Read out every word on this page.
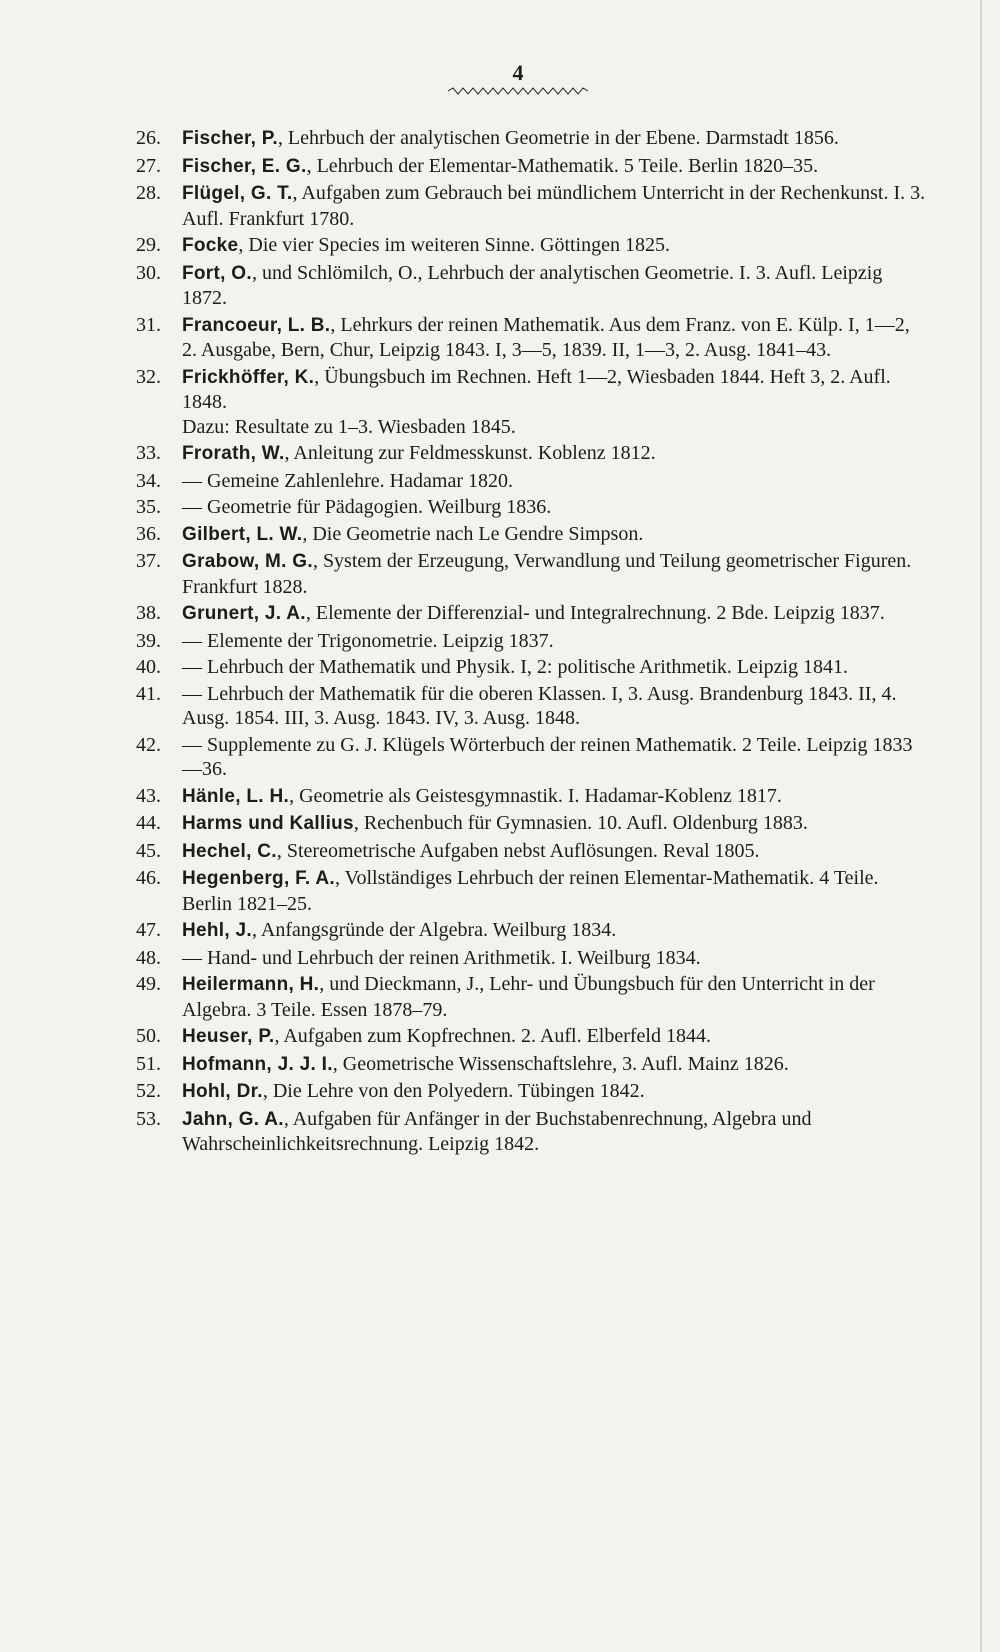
4
26.	Fischer, P., Lehrbuch der analytischen Geometrie in der Ebene. Darmstadt 1856.
27.	Fischer, E. G., Lehrbuch der Elementar-Mathematik. 5 Teile. Berlin 1820–35.
28.	Flügel, G. T., Aufgaben zum Gebrauch bei mündlichem Unterricht in der Rechenkunst. I. 3. Aufl. Frankfurt 1780.
29.	Focke, Die vier Species im weiteren Sinne. Göttingen 1825.
30.	Fort, O., und Schlömilch, O., Lehrbuch der analytischen Geometrie. I. 3. Aufl. Leipzig 1872.
31.	Francoeur, L. B., Lehrkurs der reinen Mathematik. Aus dem Franz. von E. Külp. I, 1—2, 2. Ausgabe, Bern, Chur, Leipzig 1843. I, 3—5, 1839. II, 1—3, 2. Ausg. 1841–43.
32.	Frickhöffer, K., Übungsbuch im Rechnen. Heft 1—2, Wiesbaden 1844. Heft 3, 2. Aufl. 1848.
Dazu: Resultate zu 1–3. Wiesbaden 1845.
33.	Frorath, W., Anleitung zur Feldmesskunst. Koblenz 1812.
34.	— Gemeine Zahlenlehre. Hadamar 1820.
35.	— Geometrie für Pädagogien. Weilburg 1836.
36.	Gilbert, L. W., Die Geometrie nach Le Gendre Simpson.
37.	Grabow, M. G., System der Erzeugung, Verwandlung und Teilung geometrischer Figuren. Frankfurt 1828.
38.	Grunert, J. A., Elemente der Differenzial- und Integralrechnung. 2 Bde. Leipzig 1837.
39.	— Elemente der Trigonometrie. Leipzig 1837.
40.	— Lehrbuch der Mathematik und Physik. I, 2: politische Arithmetik. Leipzig 1841.
41.	— Lehrbuch der Mathematik für die oberen Klassen. I, 3. Ausg. Brandenburg 1843. II, 4. Ausg. 1854. III, 3. Ausg. 1843. IV, 3. Ausg. 1848.
42.	— Supplemente zu G. J. Klügels Wörterbuch der reinen Mathematik. 2 Teile. Leipzig 1833—36.
43.	Hänle, L. H., Geometrie als Geistesgymnastik. I. Hadamar-Koblenz 1817.
44.	Harms und Kallius, Rechenbuch für Gymnasien. 10. Aufl. Oldenburg 1883.
45.	Hechel, C., Stereometrische Aufgaben nebst Auflösungen. Reval 1805.
46.	Hegenberg, F. A., Vollständiges Lehrbuch der reinen Elementar-Mathematik. 4 Teile. Berlin 1821–25.
47.	Hehl, J., Anfangsgründe der Algebra. Weilburg 1834.
48.	— Hand- und Lehrbuch der reinen Arithmetik. I. Weilburg 1834.
49.	Heilermann, H., und Dieckmann, J., Lehr- und Übungsbuch für den Unterricht in der Algebra. 3 Teile. Essen 1878–79.
50.	Heuser, P., Aufgaben zum Kopfrechnen. 2. Aufl. Elberfeld 1844.
51.	Hofmann, J. J. I., Geometrische Wissenschaftslehre, 3. Aufl. Mainz 1826.
52.	Hohl, Dr., Die Lehre von den Polyedern. Tübingen 1842.
53.	Jahn, G. A., Aufgaben für Anfänger in der Buchstabenrechnung, Algebra und Wahrscheinlichkeitsrechnung. Leipzig 1842.
